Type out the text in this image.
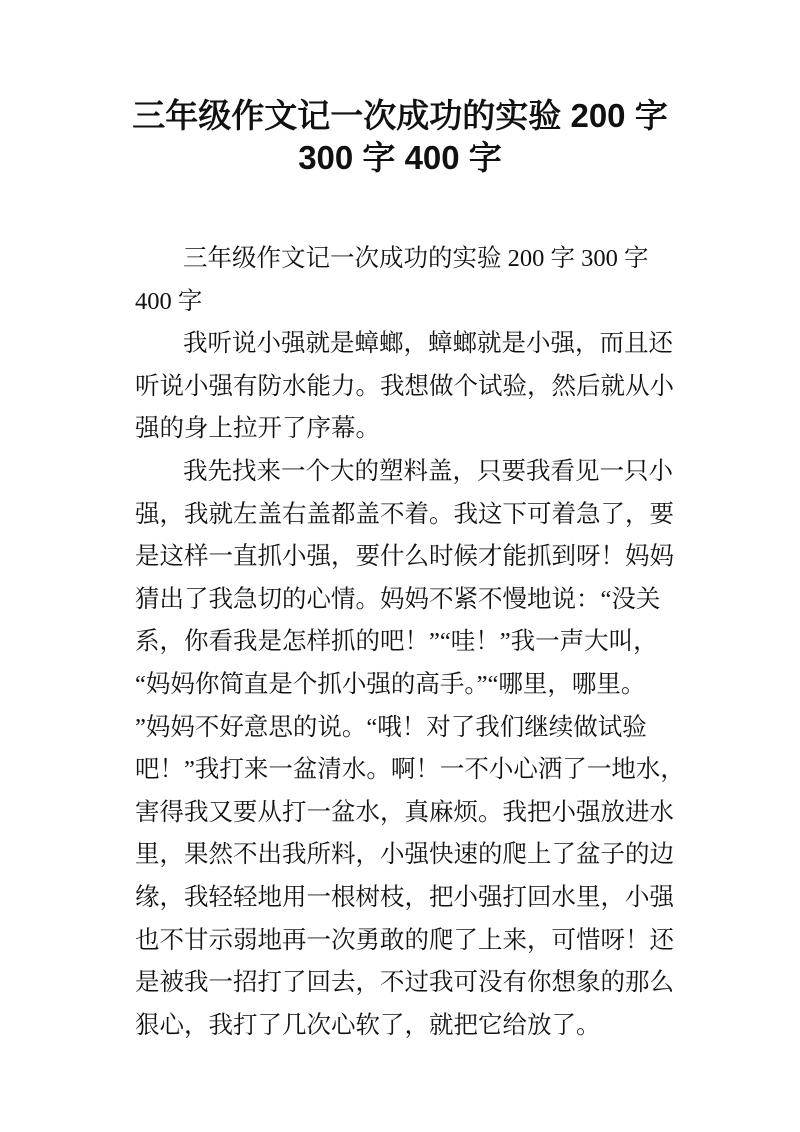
三年级作文记一次成功的实验 200 字
300 字 400 字
三年级作文记一次成功的实验 200 字 300 字
400 字
我听说小强就是蟑螂，蟑螂就是小强，而且还
听说小强有防水能力。我想做个试验，然后就从小
强的身上拉开了序幕。
我先找来一个大的塑料盖，只要我看见一只小
强，我就左盖右盖都盖不着。我这下可着急了，要
是这样一直抓小强，要什么时候才能抓到呀！妈妈
猜出了我急切的心情。妈妈不紧不慢地说：“没关
系，你看我是怎样抓的吧！”“哇！”我一声大叫，
“妈妈你简直是个抓小强的高手。”“哪里，哪里。
”妈妈不好意思的说。“哦！对了我们继续做试验
吧！”我打来一盆清水。啊！一不小心洒了一地水，
害得我又要从打一盆水，真麻烦。我把小强放进水
里，果然不出我所料，小强快速的爬上了盆子的边
缘，我轻轻地用一根树枝，把小强打回水里，小强
也不甘示弱地再一次勇敢的爬了上来，可惜呀！还
是被我一招打了回去，不过我可没有你想象的那么
狠心，我打了几次心软了，就把它给放了。
